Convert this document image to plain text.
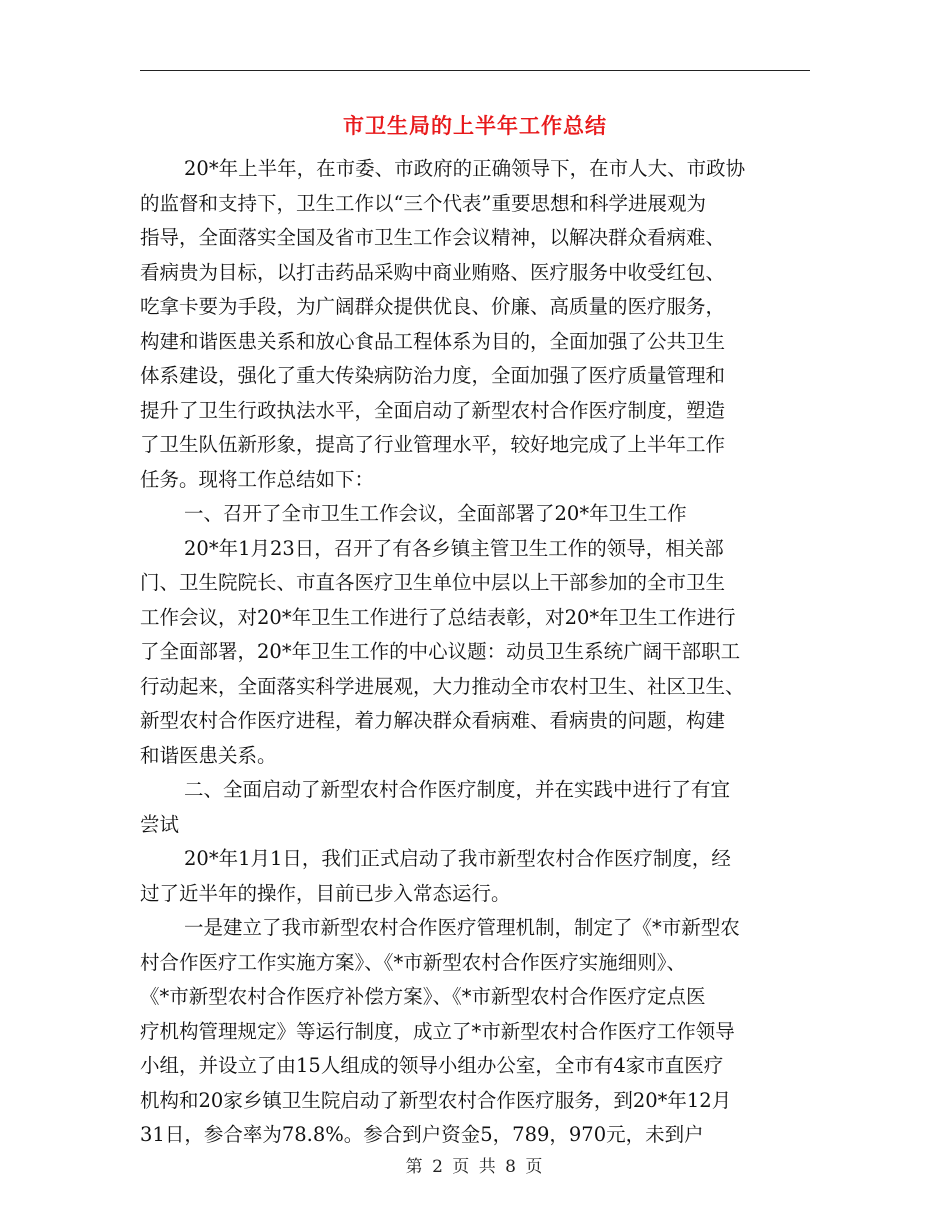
市卫生局的上半年工作总结
20*年上半年，在市委、市政府的正确领导下，在市人大、市政协
的监督和支持下，卫生工作以“三个代表”重要思想和科学进展观为
指导，全面落实全国及省市卫生工作会议精神，以解决群众看病难、
看病贵为目标，以打击药品采购中商业贿赂、医疗服务中收受红包、
吃拿卡要为手段，为广阔群众提供优良、价廉、高质量的医疗服务，
构建和谐医患关系和放心食品工程体系为目的，全面加强了公共卫生
体系建设，强化了重大传染病防治力度，全面加强了医疗质量管理和
提升了卫生行政执法水平，全面启动了新型农村合作医疗制度，塑造
了卫生队伍新形象，提高了行业管理水平，较好地完成了上半年工作
任务。现将工作总结如下：
一、召开了全市卫生工作会议，全面部署了20*年卫生工作
20*年1月23日，召开了有各乡镇主管卫生工作的领导，相关部
门、卫生院院长、市直各医疗卫生单位中层以上干部参加的全市卫生
工作会议，对20*年卫生工作进行了总结表彰，对20*年卫生工作进行
了全面部署，20*年卫生工作的中心议题：动员卫生系统广阔干部职工
行动起来，全面落实科学进展观，大力推动全市农村卫生、社区卫生、
新型农村合作医疗进程，着力解决群众看病难、看病贵的问题，构建
和谐医患关系。
二、全面启动了新型农村合作医疗制度，并在实践中进行了有宜
尝试
20*年1月1日，我们正式启动了我市新型农村合作医疗制度，经
过了近半年的操作，目前已步入常态运行。
一是建立了我市新型农村合作医疗管理机制，制定了《*市新型农
村合作医疗工作实施方案》、《*市新型农村合作医疗实施细则》、
《*市新型农村合作医疗补偿方案》、《*市新型农村合作医疗定点医
疗机构管理规定》等运行制度，成立了*市新型农村合作医疗工作领导
小组，并设立了由15人组成的领导小组办公室，全市有4家市直医疗
机构和20家乡镇卫生院启动了新型农村合作医疗服务，到20*年12月
31日，参合率为78.8%。参合到户资金5，789，970元，未到户
第 2 页 共 8 页
